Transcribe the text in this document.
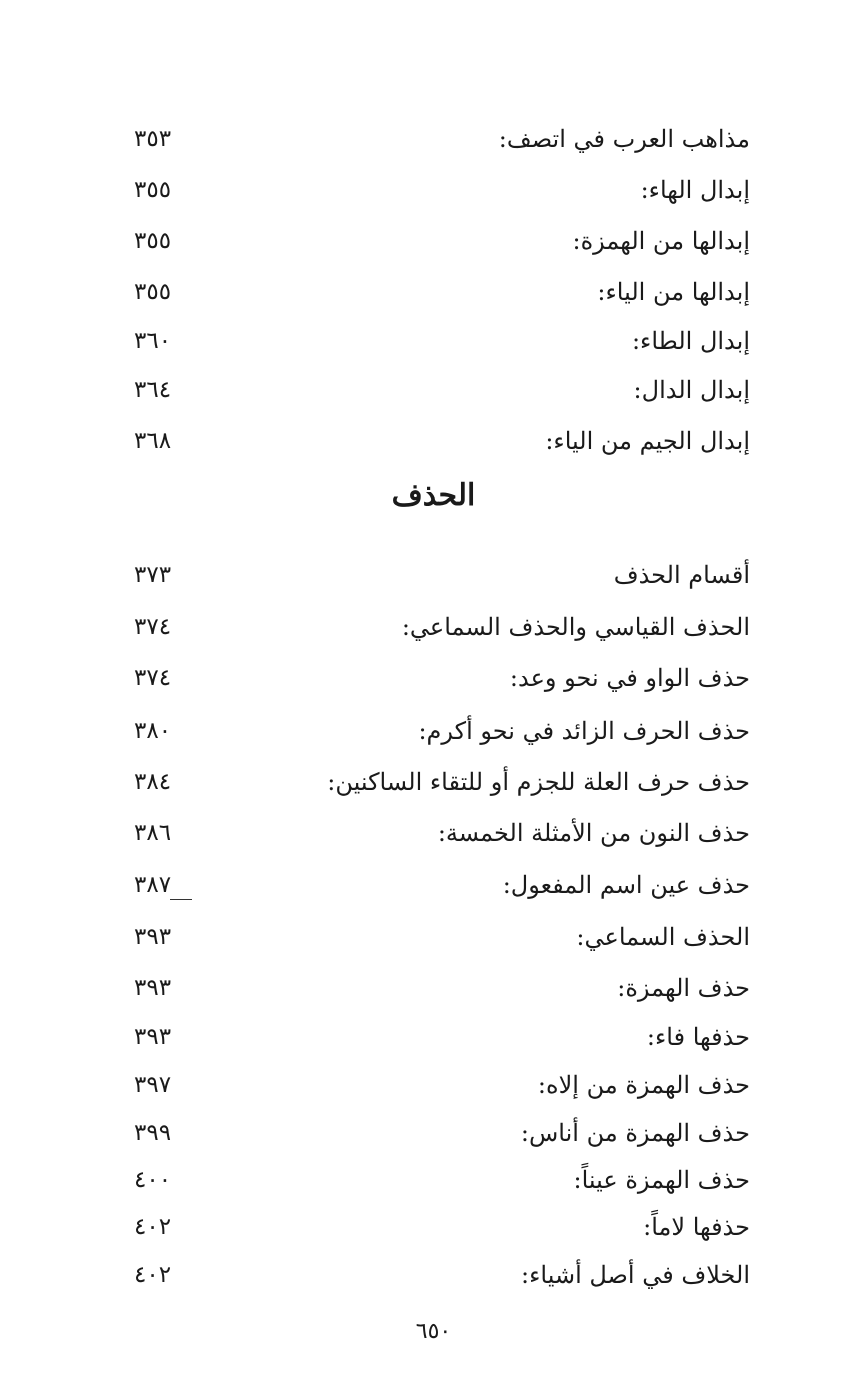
مذاهب العرب في اتصف:
٣٥٣
إبدال الهاء:
٣٥٥
إبدالها من الهمزة:
٣٥٥
إبدالها من الياء:
٣٥٥
إبدال الطاء:
٣٦٠
إبدال الدال:
٣٦٤
إبدال الجيم من الياء:
٣٦٨
الحذف
أقسام الحذف
٣٧٣
الحذف القياسي والحذف السماعي:
٣٧٤
حذف الواو في نحو وعد:
٣٧٤
حذف الحرف الزائد في نحو أكرم:
٣٨٠
حذف حرف العلة للجزم أو للتقاء الساكنين:
٣٨٤
حذف النون من الأمثلة الخمسة:
٣٨٦
حذف عين اسم المفعول:
٣٨٧
الحذف السماعي:
٣٩٣
حذف الهمزة:
٣٩٣
حذفها فاء:
٣٩٣
حذف الهمزة من إلاه:
٣٩٧
حذف الهمزة من أناس:
٣٩٩
حذف الهمزة عيناً:
٤٠٠
حذفها لاماً:
٤٠٢
الخلاف في أصل أشياء:
٤٠٢
٦٥٠
